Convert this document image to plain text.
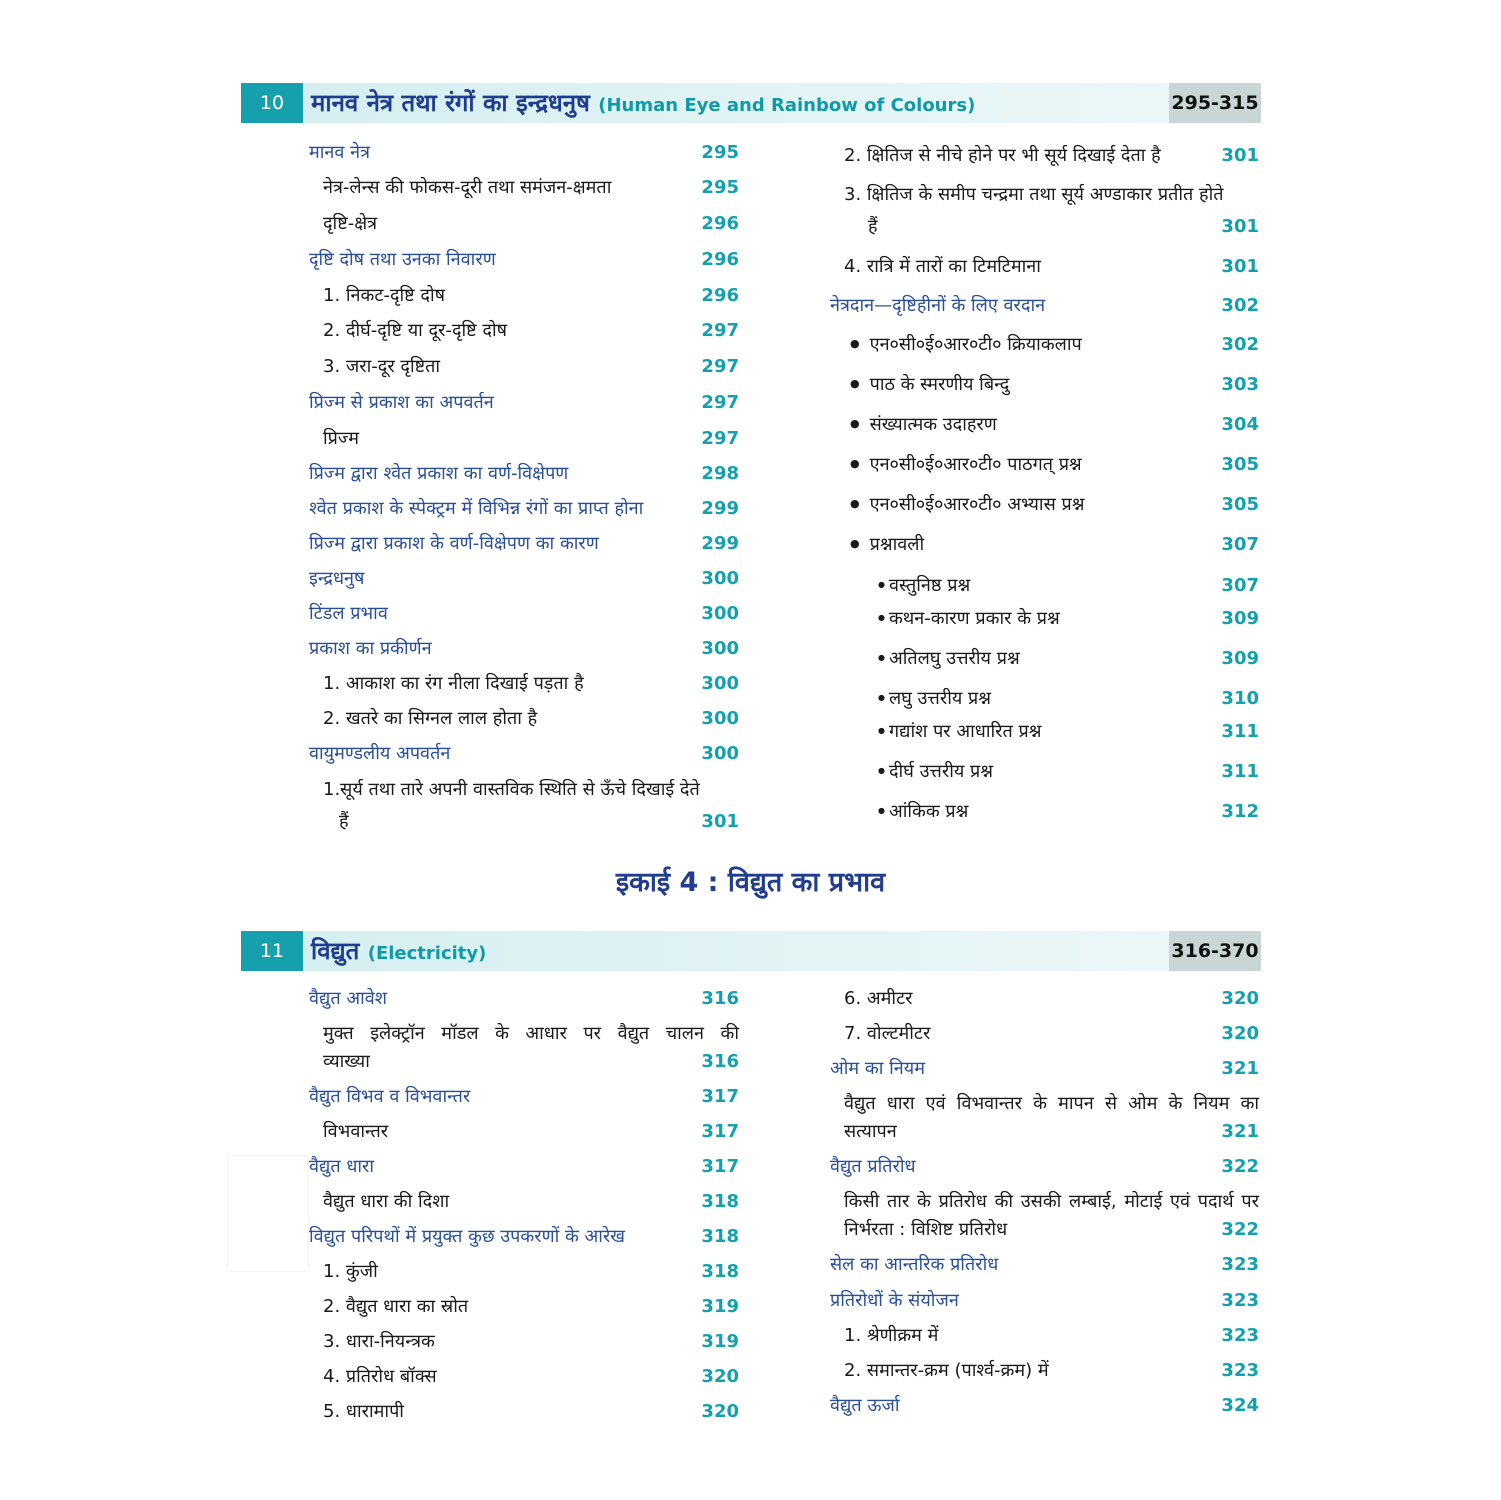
10	मानव नेत्र तथा रंगों का इन्द्रधनुष (Human Eye and Rainbow of Colours)	295-315
मानव नेत्र	295
नेत्र-लेन्स की फोकस-दूरी तथा समंजन-क्षमता	295
दृष्टि-क्षेत्र	296
दृष्टि दोष तथा उनका निवारण	296
1. निकट-दृष्टि दोष	296
2. दीर्घ-दृष्टि या दूर-दृष्टि दोष	297
3. जरा-दूर दृष्टिता	297
प्रिज्म से प्रकाश का अपवर्तन	297
प्रिज्म	297
प्रिज्म द्वारा श्वेत प्रकाश का वर्ण-विक्षेपण	298
श्वेत प्रकाश के स्पेक्ट्रम में विभिन्न रंगों का प्राप्त होना	299
प्रिज्म द्वारा प्रकाश के वर्ण-विक्षेपण का कारण	299
इन्द्रधनुष	300
टिंडल प्रभाव	300
प्रकाश का प्रकीर्णन	300
1. आकाश का रंग नीला दिखाई पड़ता है	300
2. खतरे का सिग्नल लाल होता है	300
वायुमण्डलीय अपवर्तन	300
1.सूर्य तथा तारे अपनी वास्तविक स्थिति से ऊँचे दिखाई देते
हैं	301
2. क्षितिज से नीचे होने पर भी सूर्य दिखाई देता है	301
3. क्षितिज के समीप चन्द्रमा तथा सूर्य अण्डाकार प्रतीत होते
हैं	301
4. रात्रि में तारों का टिमटिमाना	301
नेत्रदान—दृष्टिहीनों के लिए वरदान	302
● एन०सी०ई०आर०टी० क्रियाकलाप	302
● पाठ के स्मरणीय बिन्दु	303
● संख्यात्मक उदाहरण	304
● एन०सी०ई०आर०टी० पाठगत् प्रश्न	305
● एन०सी०ई०आर०टी० अभ्यास प्रश्न	305
● प्रश्नावली	307
● वस्तुनिष्ठ प्रश्न	307
● कथन-कारण प्रकार के प्रश्न	309
● अतिलघु उत्तरीय प्रश्न	309
● लघु उत्तरीय प्रश्न	310
● गद्यांश पर आधारित प्रश्न	311
● दीर्घ उत्तरीय प्रश्न	311
● आंकिक प्रश्न	312
इकाई 4 : विद्युत का प्रभाव
11	विद्युत (Electricity)	316-370
वैद्युत आवेश	316
मुक्त इलेक्ट्रॉन मॉडल के आधार पर वैद्युत चालन की
व्याख्या	316
वैद्युत विभव व विभवान्तर	317
विभवान्तर	317
वैद्युत धारा	317
वैद्युत धारा की दिशा	318
विद्युत परिपथों में प्रयुक्त कुछ उपकरणों के आरेख	318
1. कुंजी	318
2. वैद्युत धारा का स्रोत	319
3. धारा-नियन्त्रक	319
4. प्रतिरोध बॉक्स	320
5. धारामापी	320
6. अमीटर	320
7. वोल्टमीटर	320
ओम का नियम	321
वैद्युत धारा एवं विभवान्तर के मापन से ओम के नियम का
सत्यापन	321
वैद्युत प्रतिरोध	322
किसी तार के प्रतिरोध की उसकी लम्बाई, मोटाई एवं पदार्थ पर
निर्भरता : विशिष्ट प्रतिरोध	322
सेल का आन्तरिक प्रतिरोध	323
प्रतिरोधों के संयोजन	323
1. श्रेणीक्रम में	323
2. समान्तर-क्रम (पार्श्व-क्रम) में	323
वैद्युत ऊर्जा	324
